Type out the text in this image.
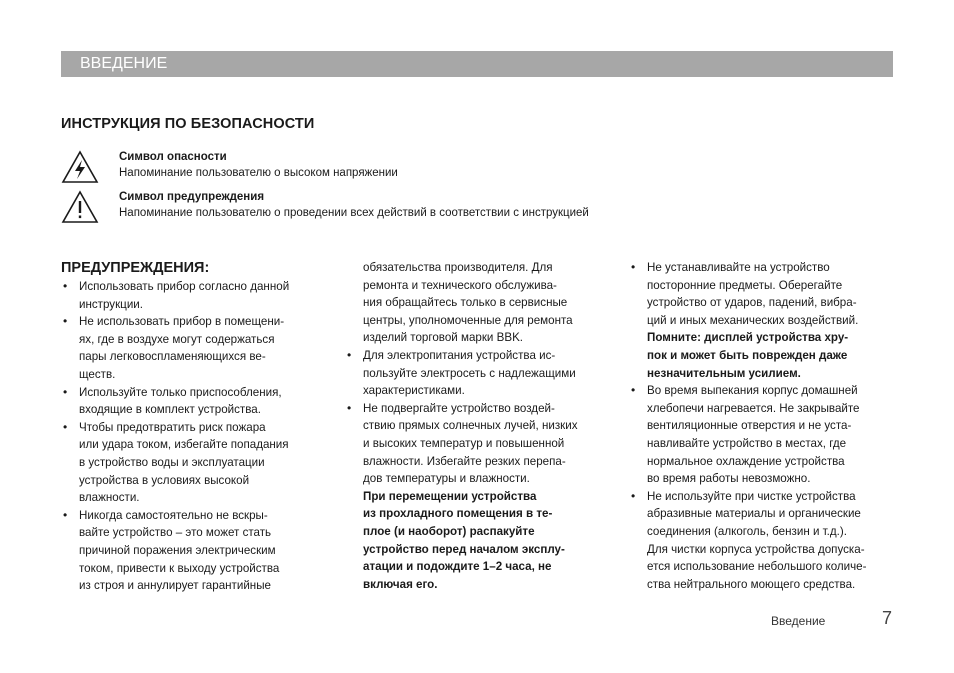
ВВЕДЕНИЕ
ИНСТРУКЦИЯ ПО БЕЗОПАСНОСТИ
Символ опасности
Напоминание пользователю о высоком напряжении
Символ предупреждения
Напоминание пользователю о проведении всех действий в соответствии с инструкцией
ПРЕДУПРЕЖДЕНИЯ:
• Использовать прибор согласно данной
инструкции.
• Не использовать прибор в помещени-
ях, где в воздухе могут содержаться
пары легковоспламеняющихся ве-
ществ.
• Используйте только приспособления,
входящие в комплект устройства.
• Чтобы предотвратить риск пожара
или удара током, избегайте попадания
в устройство воды и эксплуатации
устройства в условиях высокой
влажности.
• Никогда самостоятельно не вскры-
вайте устройство – это может стать
причиной поражения электрическим
током, привести к выходу устройства
из строя и аннулирует гарантийные
обязательства производителя. Для
ремонта и технического обслужива-
ния обращайтесь только в сервисные
центры, уполномоченные для ремонта
изделий торговой марки BBK.
• Для электропитания устройства ис-
пользуйте электросеть с надлежащими
характеристиками.
• Не подвергайте устройство воздей-
ствию прямых солнечных лучей, низких
и высоких температур и повышенной
влажности. Избегайте резких перепа-
дов температуры и влажности.
При перемещении устройства
из прохладного помещения в те-
плое (и наоборот) распакуйте
устройство перед началом эксплу-
атации и подождите 1–2 часа, не
включая его.
• Не устанавливайте на устройство
посторонние предметы. Оберегайте
устройство от ударов, падений, вибра-
ций и иных механических воздействий.
Помните: дисплей устройства хру-
пок и может быть поврежден даже
незначительным усилием.
• Во время выпекания корпус домашней
хлебопечи нагревается. Не закрывайте
вентиляционные отверстия и не уста-
навливайте устройство в местах, где
нормальное охлаждение устройства
во время работы невозможно.
• Не используйте при чистке устройства
абразивные материалы и органические
соединения (алкоголь, бензин и т.д.).
Для чистки корпуса устройства допуска-
ется использование небольшого количе-
ства нейтрального моющего средства.
Введение	7
